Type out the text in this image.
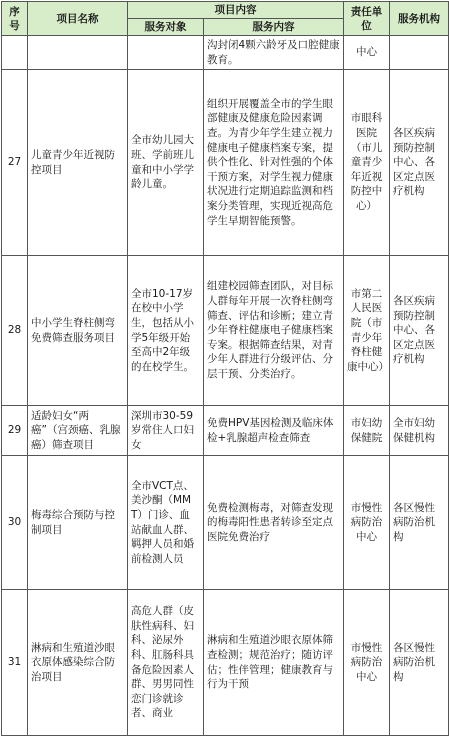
序号	项目名称	项目内容		责任单位	服务机构
		服务对象	服务内容		
			沟封闭4颗六龄牙及口腔健康教育。	中心	
27	儿童青少年近视防控项目	全市幼儿园大班、学前班儿童和中小学学龄儿童。	组织开展覆盖全市的学生眼部健康及健康危险因素调查。为青少年学生建立视力健康电子健康档案专案，提供个性化、针对性强的个体干预方案，对学生视力健康状况进行定期追踪监测和档案分类管理，实现近视高危学生早期智能预警。	市眼科医院（市儿童青少年近视防控中心）	各区疾病预防控制中心、各区定点医疗机构
28	中小学生脊柱侧弯免费筛查服务项目	全市10-17岁在校中小学生，包括从小学5年级开始至高中2年级的在校学生。	组建校园筛查团队，对目标人群每年开展一次脊柱侧弯筛查、评估和诊断；建立青少年脊柱健康电子健康档案专案。根据筛查结果，对青少年人群进行分级评估、分层干预、分类治疗。	市第二人民医院（市青少年脊柱健康中心）	各区疾病预防控制中心、各区定点医疗机构
29	适龄妇女“两癌”（宫颈癌、乳腺癌）筛查项目	深圳市30-59岁常住人口妇女	免费HPV基因检测及临床体检+乳腺超声检查筛查	市妇幼保健院	全市妇幼保健机构
30	梅毒综合预防与控制项目	全市VCT点、美沙酮（MMT）门诊、血站献血人群、羁押人员和婚前检测人员	免费检测梅毒，对筛查发现的梅毒阳性患者转诊至定点医院免费治疗	市慢性病防治中心	各区慢性病防治机构
31	淋病和生殖道沙眼衣原体感染综合防治项目	高危人群（皮肤性病科、妇科、泌尿外科、肛肠科具备危险因素人群、男男同性恋门诊就诊者、商业	淋病和生殖道沙眼衣原体筛查检测；规范治疗；随访评估；性伴管理；健康教育与行为干预	市慢性病防治中心	各区慢性病防治机构
